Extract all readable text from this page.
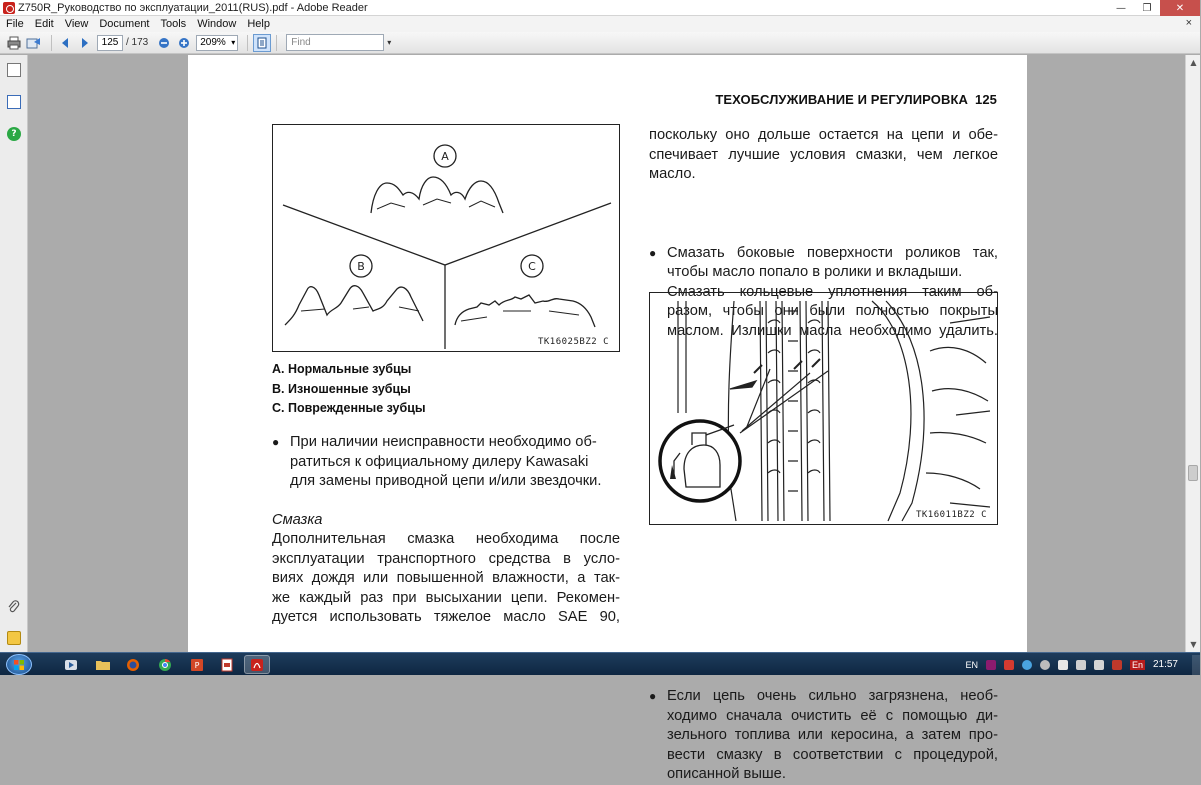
Z750R_Руководство по эксплуатации_2011(RUS).pdf - Adobe Reader	—	❐	✕
File Edit View Document Tools Window Help	×
125 / 173	209% ▾	Find	▾
?
ТЕХОБСЛУЖИВАНИЕ И РЕГУЛИРОВКА 125
A
B	C
TK16025BZ2 C
A. Нормальные зубцы
B. Изношенные зубцы
C. Поврежденные зубцы
● При наличии неисправности необходимо об-
ратиться к официальному дилеру Kawasaki
для замены приводной цепи и/или звездочки.
Смазка
Дополнительная смазка необходима после
эксплуатации транспортного средства в усло-
виях дождя или повышенной влажности, а так-
же каждый раз при высыхании цепи. Рекомен-
дуется использовать тяжелое масло SAE 90,
поскольку оно дольше остается на цепи и обе-
спечивает лучшие условия смазки, чем легкое
масло.
● Смазать боковые поверхности роликов так,
чтобы масло попало в ролики и вкладыши.
Смазать кольцевые уплотнения таким об-
разом, чтобы они были полностью покрыты
маслом. Излишки масла необходимо удалить.
TK16011BZ2 C
● Если цепь очень сильно загрязнена, необ-
ходимо сначала очистить её с помощью ди-
зельного топлива или керосина, а затем про-
вести смазку в соответствии с процедурой,
описанной выше.
▲
▼
P	EN	En 21:57
